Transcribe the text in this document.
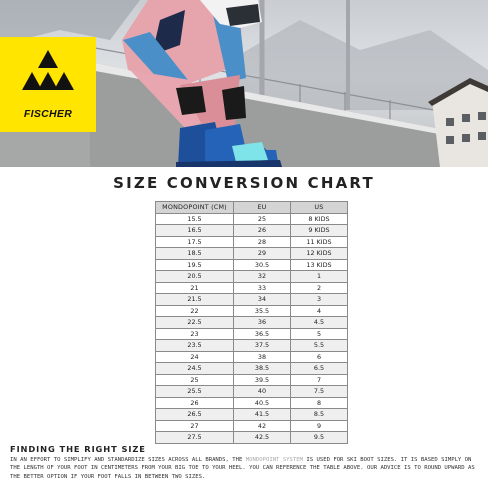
FISCHER
SIZE CONVERSION CHART
MONDOPOINT (CM)	EU	US
15.5	25	8 KIDS
16.5	26	9 KIDS
17.5	28	11 KIDS
18.5	29	12 KIDS
19.5	30.5	13 KIDS
20.5	32	1
21	33	2
21.5	34	3
22	35.5	4
22.5	36	4.5
23	36.5	5
23.5	37.5	5.5
24	38	6
24.5	38.5	6.5
25	39.5	7
25.5	40	7.5
26	40.5	8
26.5	41.5	8.5
27	42	9
27.5	42.5	9.5
FINDING THE RIGHT SIZE
IN AN EFFORT TO SIMPLIFY AND STANDARDIZE SIZES ACROSS ALL BRANDS, THE MONDOPOINT SYSTEM IS USED FOR SKI BOOT SIZES. IT IS BASED SIMPLY ON THE LENGTH OF YOUR FOOT IN CENTIMETERS FROM YOUR BIG TOE TO YOUR HEEL. YOU CAN REFERENCE THE TABLE ABOVE. OUR ADVICE IS TO ROUND UPWARD AS THE BETTER OPTION IF YOUR FOOT FALLS IN BETWEEN TWO SIZES.
